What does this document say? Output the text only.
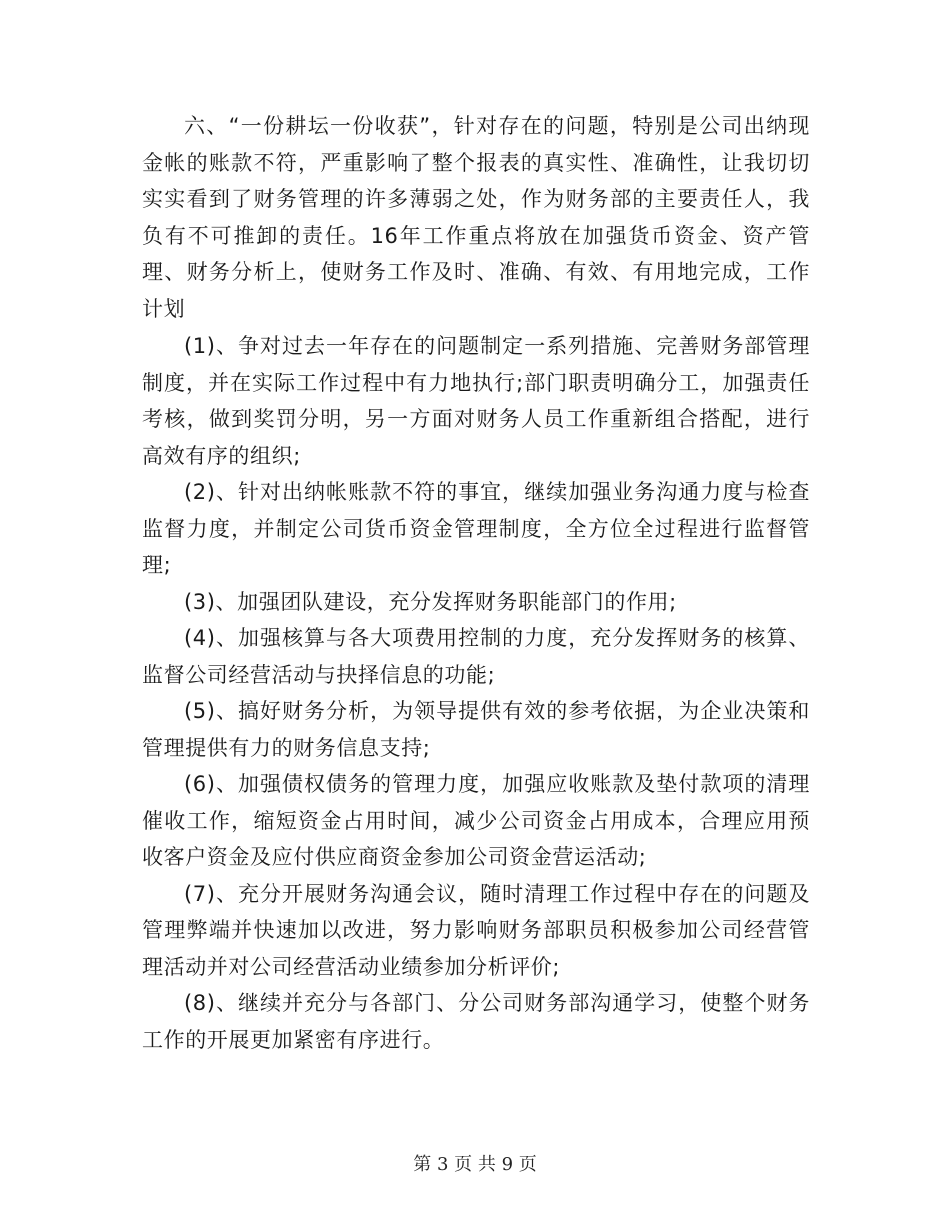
六、“一份耕坛一份收获”，针对存在的问题，特别是公司出纳现金帐的账款不符，严重影响了整个报表的真实性、准确性，让我切切实实看到了财务管理的许多薄弱之处，作为财务部的主要责任人，我负有不可推卸的责任。16年工作重点将放在加强货币资金、资产管理、财务分析上，使财务工作及时、准确、有效、有用地完成，工作计划

(1)、争对过去一年存在的问题制定一系列措施、完善财务部管理制度，并在实际工作过程中有力地执行;部门职责明确分工，加强责任考核，做到奖罚分明，另一方面对财务人员工作重新组合搭配，进行高效有序的组织;

(2)、针对出纳帐账款不符的事宜，继续加强业务沟通力度与检查监督力度，并制定公司货币资金管理制度，全方位全过程进行监督管理;

(3)、加强团队建设，充分发挥财务职能部门的作用;

(4)、加强核算与各大项费用控制的力度，充分发挥财务的核算、监督公司经营活动与抉择信息的功能;

(5)、搞好财务分析，为领导提供有效的参考依据，为企业决策和管理提供有力的财务信息支持;

(6)、加强债权债务的管理力度，加强应收账款及垫付款项的清理催收工作，缩短资金占用时间，减少公司资金占用成本，合理应用预收客户资金及应付供应商资金参加公司资金营运活动;

(7)、充分开展财务沟通会议，随时清理工作过程中存在的问题及管理弊端并快速加以改进，努力影响财务部职员积极参加公司经营管理活动并对公司经营活动业绩参加分析评价;

(8)、继续并充分与各部门、分公司财务部沟通学习，使整个财务工作的开展更加紧密有序进行。

第 3 页 共 9 页
